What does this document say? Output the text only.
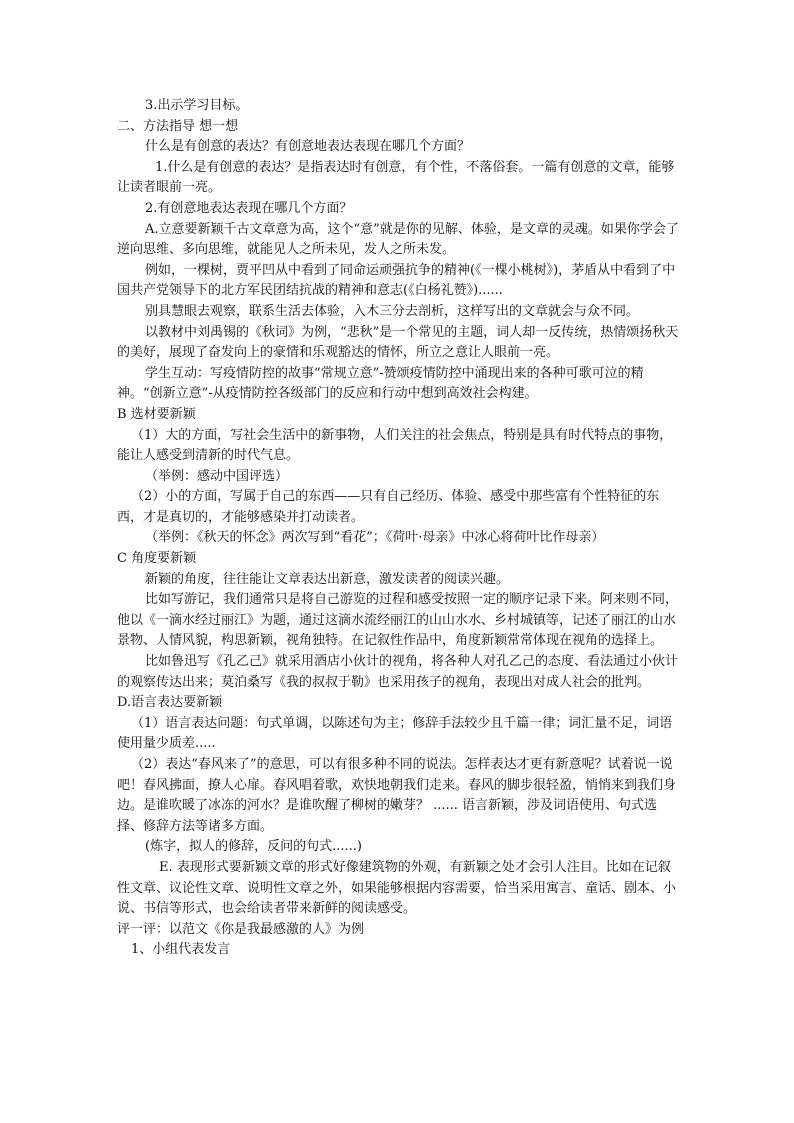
3.出示学习目标。

二、方法指导 想一想

什么是有创意的表达？有创意地表达表现在哪几个方面？

1.什么是有创意的表达？是指表达时有创意，有个性，不落俗套。一篇有创意的文章，能够让读者眼前一亮。

2.有创意地表达表现在哪几个方面？

A.立意要新颖千古文章意为高，这个“意”就是你的见解、体验，是文章的灵魂。如果你学会了逆向思维、多向思维，就能见人之所未见，发人之所未发。

例如，一棵树，贾平凹从中看到了同命运顽强抗争的精神(《一棵小桃树》)，茅盾从中看到了中国共产党领导下的北方军民团结抗战的精神和意志(《白杨礼赞》)......

别具慧眼去观察，联系生活去体验，入木三分去剖析，这样写出的文章就会与众不同。

以教材中刘禹锡的《秋词》为例，“悲秋”是一个常见的主题，词人却一反传统，热情颂扬秋天的美好，展现了奋发向上的豪情和乐观豁达的情怀，所立之意让人眼前一亮。

学生互动：写疫情防控的故事“常规立意”-赞颂疫情防控中涌现出来的各种可歌可泣的精神。“创新立意”-从疫情防控各级部门的反应和行动中想到高效社会构建。

B 选材要新颖

（1）大的方面，写社会生活中的新事物，人们关注的社会焦点，特别是具有时代特点的事物，能让人感受到清新的时代气息。

（举例：感动中国评选）

（2）小的方面，写属于自己的东西——只有自己经历、体验、感受中那些富有个性特征的东西，才是真切的，才能够感染并打动读者。

（举例：《秋天的怀念》两次写到“看花”；《荷叶·母亲》中冰心将荷叶比作母亲）

C 角度要新颖

新颖的角度，往往能让文章表达出新意，激发读者的阅读兴趣。

比如写游记，我们通常只是将自己游览的过程和感受按照一定的顺序记录下来。阿来则不同，他以《一滴水经过丽江》为题，通过这滴水流经丽江的山山水水、乡村城镇等，记述了丽江的山水景物、人情风貌，构思新颖，视角独特。在记叙性作品中，角度新颖常常体现在视角的选择上。

比如鲁迅写《孔乙己》就采用酒店小伙计的视角，将各种人对孔乙己的态度、看法通过小伙计的观察传达出来；莫泊桑写《我的叔叔于勒》也采用孩子的视角，表现出对成人社会的批判。

D.语言表达要新颖

（1）语言表达问题：句式单调，以陈述句为主；修辞手法较少且千篇一律；词汇量不足，词语使用量少质差.....

（2）表达“春风来了”的意思，可以有很多种不同的说法。怎样表达才更有新意呢？试着说一说吧！春风拂面，撩人心扉。春风唱着歌，欢快地朝我们走来。春风的脚步很轻盈，悄悄来到我们身边。是谁吹暖了冰冻的河水？是谁吹醒了柳树的嫩芽？ ...... 语言新颖，涉及词语使用、句式选择、修辞方法等诸多方面。

(炼字，拟人的修辞，反问的句式......)

E. 表现形式要新颖文章的形式好像建筑物的外观，有新颖之处才会引人注目。比如在记叙性文章、议论性文章、说明性文章之外，如果能够根据内容需要，恰当采用寓言、童话、剧本、小说、书信等形式，也会给读者带来新鲜的阅读感受。

评一评：以范文《你是我最感激的人》为例

1、小组代表发言
